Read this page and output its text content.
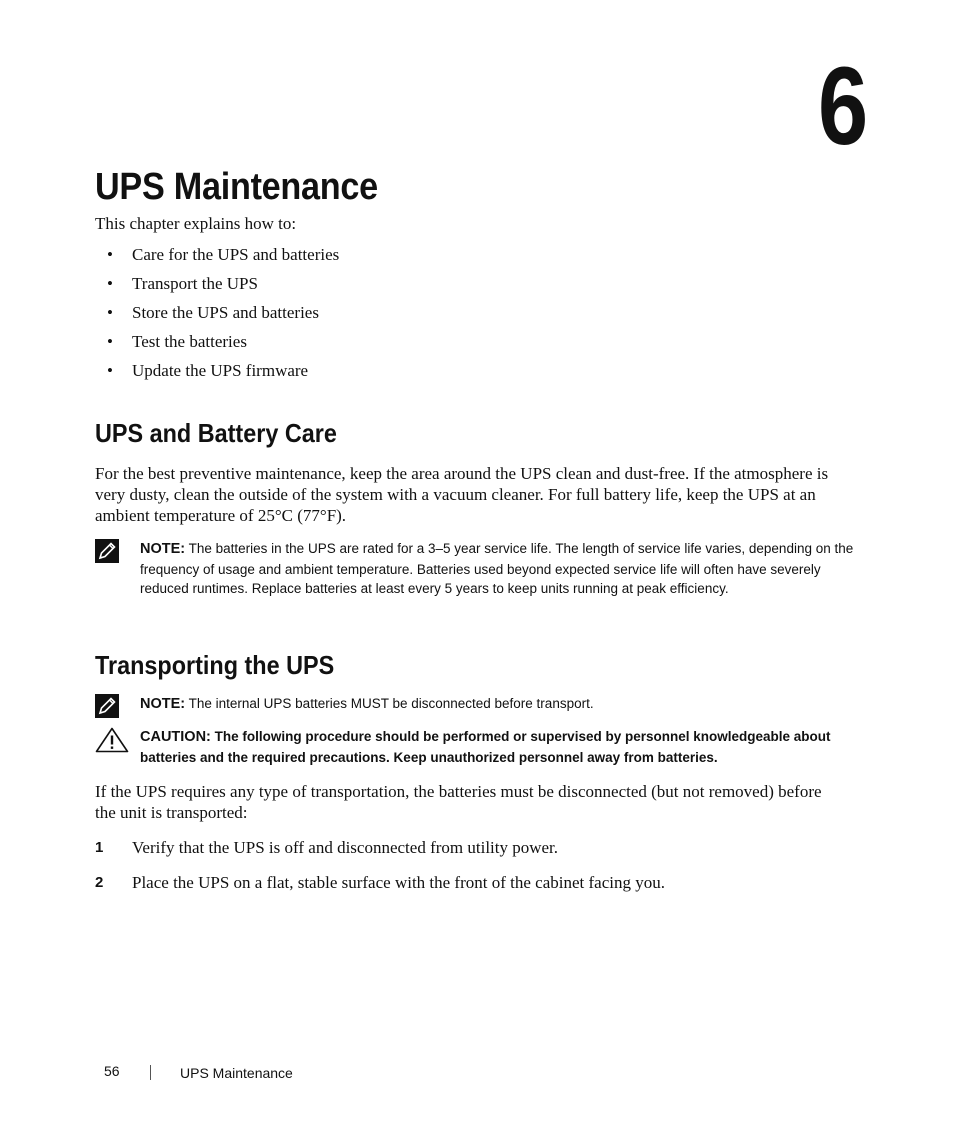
6
UPS Maintenance

This chapter explains how to:

• Care for the UPS and batteries
• Transport the UPS
• Store the UPS and batteries
• Test the batteries
• Update the UPS firmware
UPS and Battery Care

For the best preventive maintenance, keep the area around the UPS clean and dust-free. If the atmosphere is very dusty, clean the outside of the system with a vacuum cleaner. For full battery life, keep the UPS at an ambient temperature of 25°C (77°F).

NOTE: The batteries in the UPS are rated for a 3–5 year service life. The length of service life varies, depending on the frequency of usage and ambient temperature. Batteries used beyond expected service life will often have severely reduced runtimes. Replace batteries at least every 5 years to keep units running at peak efficiency.
Transporting the UPS
NOTE: The internal UPS batteries MUST be disconnected before transport.
CAUTION: The following procedure should be performed or supervised by personnel knowledgeable about batteries and the required precautions. Keep unauthorized personnel away from batteries.

If the UPS requires any type of transportation, the batteries must be disconnected (but not removed) before the unit is transported:

1 Verify that the UPS is off and disconnected from utility power.
2 Place the UPS on a flat, stable surface with the front of the cabinet facing you.
56	UPS Maintenance
